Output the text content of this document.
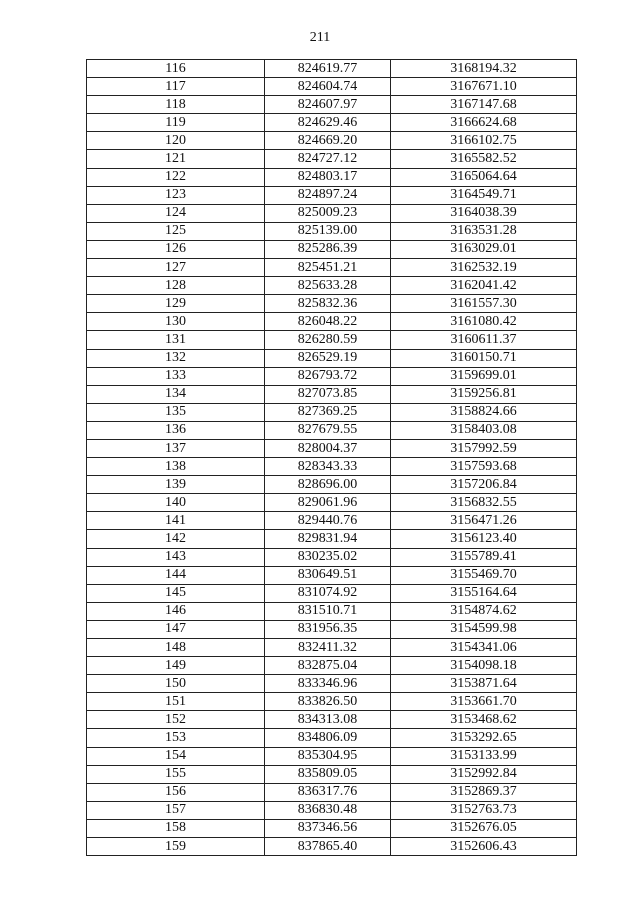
211
116	824619.77	3168194.32
117	824604.74	3167671.10
118	824607.97	3167147.68
119	824629.46	3166624.68
120	824669.20	3166102.75
121	824727.12	3165582.52
122	824803.17	3165064.64
123	824897.24	3164549.71
124	825009.23	3164038.39
125	825139.00	3163531.28
126	825286.39	3163029.01
127	825451.21	3162532.19
128	825633.28	3162041.42
129	825832.36	3161557.30
130	826048.22	3161080.42
131	826280.59	3160611.37
132	826529.19	3160150.71
133	826793.72	3159699.01
134	827073.85	3159256.81
135	827369.25	3158824.66
136	827679.55	3158403.08
137	828004.37	3157992.59
138	828343.33	3157593.68
139	828696.00	3157206.84
140	829061.96	3156832.55
141	829440.76	3156471.26
142	829831.94	3156123.40
143	830235.02	3155789.41
144	830649.51	3155469.70
145	831074.92	3155164.64
146	831510.71	3154874.62
147	831956.35	3154599.98
148	832411.32	3154341.06
149	832875.04	3154098.18
150	833346.96	3153871.64
151	833826.50	3153661.70
152	834313.08	3153468.62
153	834806.09	3153292.65
154	835304.95	3153133.99
155	835809.05	3152992.84
156	836317.76	3152869.37
157	836830.48	3152763.73
158	837346.56	3152676.05
159	837865.40	3152606.43
